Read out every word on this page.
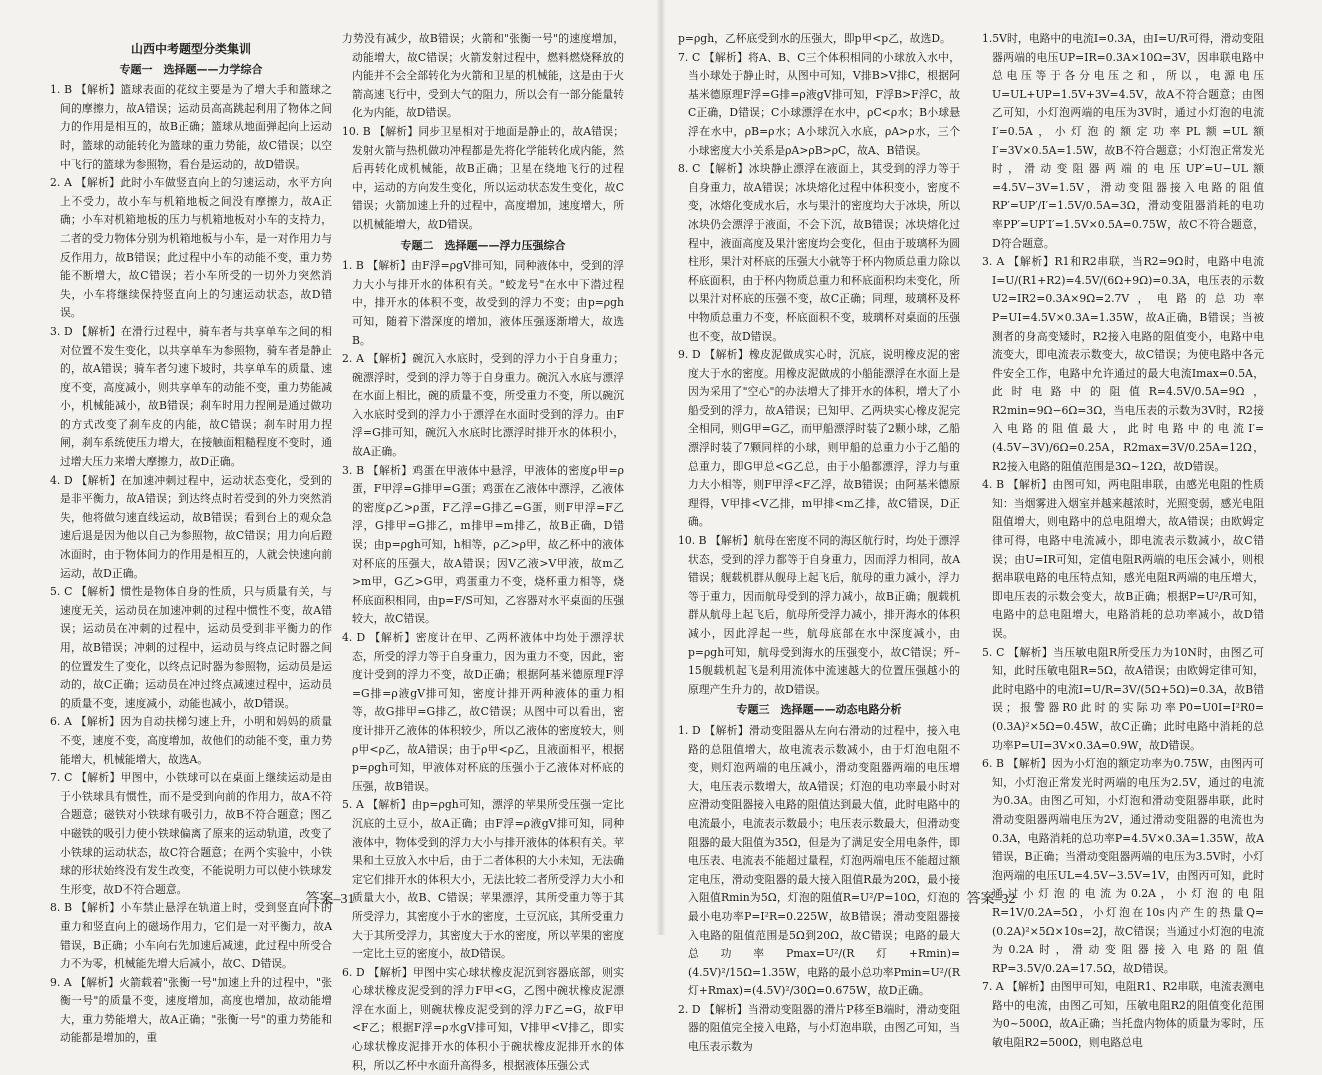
山西中考题型分类集训
专题一　选择题——力学综合

1. B 【解析】篮球表面的花纹主要是为了增大手和篮球之间的摩擦力，故A错误；运动员高高跳起利用了物体之间力的作用是相互的，故B正确；篮球从地面弹起向上运动时，篮球的动能转化为篮球的重力势能，故C错误；以空中飞行的篮球为参照物，看台是运动的，故D错误。

2. A 【解析】此时小车做竖直向上的匀速运动，水平方向上不受力，故小车与机箱地板之间没有摩擦力，故A正确；小车对机箱地板的压力与机箱地板对小车的支持力，二者的受力物体分别为机箱地板与小车，是一对作用力与反作用力，故B错误；此过程中小车的动能不变，重力势能不断增大，故C错误；若小车所受的一切外力突然消失，小车将继续保持竖直向上的匀速运动状态，故D错误。

3. D 【解析】在滑行过程中，骑车者与共享单车之间的相对位置不发生变化，以共享单车为参照物，骑车者是静止的，故A错误；骑车者匀速下坡时，共享单车的质量、速度不变，高度减小，则共享单车的动能不变，重力势能减小，机械能减小，故B错误；刹车时用力捏闸是通过做功的方式改变了刹车皮的内能，故C错误；刹车时用力捏闸，刹车系统使压力增大，在接触面粗糙程度不变时，通过增大压力来增大摩擦力，故D正确。

4. D 【解析】在加速冲刺过程中，运动状态变化，受到的是非平衡力，故A错误；到达终点时若受到的外力突然消失，他将做匀速直线运动，故B错误；看到台上的观众急速后退是因为他以自己为参照物，故C错误；用力向后蹬冰面时，由于物体间力的作用是相互的，人就会快速向前运动，故D正确。

5. C 【解析】惯性是物体自身的性质，只与质量有关，与速度无关，运动员在加速冲刺的过程中惯性不变，故A错误；运动员在冲刺的过程中，运动员受到非平衡力的作用，故B错误；冲刺的过程中，运动员与终点记时器之间的位置发生了变化，以终点记时器为参照物，运动员是运动的，故C正确；运动员在冲过终点减速过程中，运动员的质量不变，速度减小，动能也减小，故D错误。

6. A 【解析】因为自动扶梯匀速上升，小明和妈妈的质量不变，速度不变，高度增加，故他们的动能不变，重力势能增大，机械能增大，故选A。

7. C 【解析】甲图中，小铁球可以在桌面上继续运动是由于小铁球具有惯性，而不是受到向前的作用力，故A不符合题意；磁铁对小铁球有吸引力，故B不符合题意；图乙中磁铁的吸引力使小铁球偏离了原来的运动轨道，改变了小铁球的运动状态，故C符合题意；在两个实验中，小铁球的形状始终没有发生改变，不能说明力可以使小铁球发生形变，故D不符合题意。

8. B 【解析】小车禁止悬浮在轨道上时，受到竖直向下的重力和竖直向上的磁场作用力，它们是一对平衡力，故A错误，B正确；小车向右先加速后减速，此过程中所受合力不为零，机械能先增大后减小，故C、D错误。

9. A 【解析】火箭载着"张衡一号"加速上升的过程中，"张衡一号"的质量不变，速度增加，高度也增加，故动能增大，重力势能增大，故A正确；"张衡一号"的重力势能和动能都是增加的，重

力势没有减少，故B错误；火箭和"张衡一号"的速度增加，动能增大，故C错误；火箭发射过程中，燃料燃烧释放的内能并不会全部转化为火箭和卫星的机械能，这是由于火箭高速飞行中，受到大气的阻力，所以会有一部分能量转化为内能，故D错误。

10. B 【解析】同步卫星相对于地面是静止的，故A错误；发射火箭与热机做功冲程都是先将化学能转化成内能，然后再转化成机械能，故B正确；卫星在绕地飞行的过程中，运动的方向发生变化，所以运动状态发生变化，故C错误；火箭加速上升的过程中，高度增加，速度增大，所以机械能增大，故D错误。

专题二　选择题——浮力压强综合

1. B 【解析】由F浮=ρgV排可知，同种液体中，受到的浮力大小与排开水的体积有关。"蛟龙号"在水中下潜过程中，排开水的体积不变，故受到的浮力不变；由p=ρgh可知，随着下潜深度的增加，液体压强逐渐增大，故选B。

2. A 【解析】碗沉入水底时，受到的浮力小于自身重力；碗漂浮时，受到的浮力等于自身重力。碗沉入水底与漂浮在水面上相比，碗的质量不变，所受重力不变，所以碗沉入水底时受到的浮力小于漂浮在水面时受到的浮力。由F浮=G排可知，碗沉入水底时比漂浮时排开水的体积小，故A正确。

3. B 【解析】鸡蛋在甲液体中悬浮，甲液体的密度ρ甲=ρ蛋，F甲浮=G排甲=G蛋；鸡蛋在乙液体中漂浮，乙液体的密度ρ乙>ρ蛋，F乙浮=G排乙=G蛋，则F甲浮=F乙浮，G排甲=G排乙，m排甲=m排乙，故B正确，D错误；由p=ρgh可知，h相等，ρ乙>ρ甲，故乙杯中的液体对杯底的压强大，故A错误；因V乙液>V甲液，故m乙>m甲，G乙>G甲，鸡蛋重力不变，烧杯重力相等，烧杯底面积相同，由p=F/S可知，乙容器对水平桌面的压强较大，故C错误。

4. D 【解析】密度计在甲、乙两杯液体中均处于漂浮状态，所受的浮力等于自身重力，因为重力不变，因此，密度计受到的浮力不变，故D正确；根据阿基米德原理F浮=G排=ρ液gV排可知，密度计排开两种液体的重力相等，故G排甲=G排乙，故C错误；从图中可以看出，密度计排开乙液体的体积较少，所以乙液体的密度较大，则ρ甲<ρ乙，故A错误；由于ρ甲<ρ乙，且液面相平，根据p=ρgh可知，甲液体对杯底的压强小于乙液体对杯底的压强，故B错误。

5. A 【解析】由p=ρgh可知，漂浮的苹果所受压强一定比沉底的土豆小，故A正确；由F浮=ρ液gV排可知，同种液体中，物体受到的浮力大小与排开液体的体积有关。苹果和土豆放入水中后，由于二者体积的大小未知，无法确定它们排开水的体积大小，无法比较二者所受浮力大小和质量大小，故B、C错误；苹果漂浮，其所受重力等于其所受浮力，其密度小于水的密度，土豆沉底，其所受重力大于其所受浮力，其密度大于水的密度，所以苹果的密度一定比土豆的密度小，故D错误。

6. D 【解析】甲图中实心球状橡皮泥沉到容器底部，则实心球状橡皮泥受到的浮力F甲<G，乙图中碗状橡皮泥漂浮在水面上，则碗状橡皮泥受到的浮力F乙=G，故F甲<F乙；根据F浮=ρ水gV排可知，V排甲<V排乙，即实心球状橡皮泥排开水的体积小于碗状橡皮泥排开水的体积，所以乙杯中水面升高得多，根据液体压强公式

答案–31	答案–32

p=ρgh，乙杯底受到水的压强大，即p甲<p乙，故选D。

7. C 【解析】将A、B、C三个体积相同的小球放入水中，当小球处于静止时，从图中可知，V排B>V排C，根据阿基米德原理F浮=G排=ρ液gV排可知，F浮B>F浮C，故C正确，D错误；C小球漂浮在水中，ρC<ρ水；B小球悬浮在水中，ρB=ρ水；A小球沉入水底，ρA>ρ水，三个小球密度大小关系是ρA>ρB>ρC，故A、B错误。

8. C 【解析】冰块静止漂浮在液面上，其受到的浮力等于自身重力，故A错误；冰块熔化过程中体积变小，密度不变，冰熔化变成水后，水与果汁的密度均大于冰块，所以冰块仍会漂浮于液面，不会下沉，故B错误；冰块熔化过程中，液面高度及果汁密度均会变化，但由于玻璃杯为圆柱形，果汁对杯底的压强大小就等于杯内物质总重力除以杯底面积，由于杯内物质总重力和杯底面积均未变化，所以果汁对杯底的压强不变，故C正确；同理，玻璃杯及杯中物质总重力不变，杯底面积不变，玻璃杯对桌面的压强也不变，故D错误。

9. D 【解析】橡皮泥做成实心时，沉底，说明橡皮泥的密度大于水的密度。用橡皮泥做成的小船能漂浮在水面上是因为采用了"空心"的办法增大了排开水的体积，增大了小船受到的浮力，故A错误；已知甲、乙两块实心橡皮泥完全相同，则G甲=G乙，而甲船漂浮时装了2颗小球，乙船漂浮时装了7颗同样的小球，则甲船的总重力小于乙船的总重力，即G甲总<G乙总，由于小船都漂浮，浮力与重力大小相等，则F甲浮<F乙浮，故B错误；由阿基米德原理得，V甲排<V乙排，m甲排<m乙排，故C错误，D正确。

10. B 【解析】航母在密度不同的海区航行时，均处于漂浮状态，受到的浮力都等于自身重力，因而浮力相同，故A错误；舰载机群从舰母上起飞后，航母的重力减小，浮力等于重力，因而航母受到的浮力减小，故B正确；舰载机群从航母上起飞后，航母所受浮力减小，排开海水的体积减小，因此浮起一些，航母底部在水中深度减小，由p=ρgh可知，航母受到海水的压强变小，故C错误；歼–15舰载机起飞是利用流体中流速越大的位置压强越小的原理产生升力的，故D错误。

专题三　选择题——动态电路分析

1. D 【解析】滑动变阻器从左向右滑动的过程中，接入电路的总阻值增大，故电流表示数减小，由于灯泡电阻不变，则灯泡两端的电压减小，滑动变阻器两端的电压增大，电压表示数增大，故A错误；灯泡的电功率最小时对应滑动变阻器接入电路的阻值达到最大值，此时电路中的电流最小，电流表示数最小；电压表示数最大，但滑动变阻器的最大阻值为35Ω，但是为了满足安全用电条件，即电压表、电流表不能超过量程，灯泡两端电压不能超过额定电压，滑动变阻器的最大接入阻值R最为20Ω，最小接入阻值Rmin为5Ω，灯泡的阻值R=U²/P=10Ω，灯泡的最小电功率P=I²R=0.225W，故B错误；滑动变阻器接入电路的阻值范围是5Ω到20Ω，故C错误；电路的最大总功率Pmax=U²/(R灯+Rmin)=(4.5V)²/15Ω=1.35W，电路的最小总功率Pmin=U²/(R灯+Rmax)=(4.5V)²/30Ω=0.675W，故D正确。

2. D 【解析】当滑动变阻器的滑片P移至B端时，滑动变阻器的阻值完全接入电路，与小灯泡串联，由图乙可知，当电压表示数为

1.5V时，电路中的电流I=0.3A，由I=U/R可得，滑动变阻器两端的电压UP=IR=0.3A×10Ω=3V，因串联电路中总电压等于各分电压之和，所以，电源电压U=UL+UP=1.5V+3V=4.5V，故A不符合题意；由图乙可知，小灯泡两端的电压为3V时，通过小灯泡的电流I′=0.5A，小灯泡的额定功率PL额=UL额I′=3V×0.5A=1.5W，故B不符合题意；小灯泡正常发光时，滑动变阻器两端的电压UP′=U−UL额=4.5V−3V=1.5V，滑动变阻器接入电路的阻值RP′=UP′/I′=1.5V/0.5A=3Ω，滑动变阻器消耗的电功率PP′=UP′I′=1.5V×0.5A=0.75W，故C不符合题意，D符合题意。

3. A 【解析】R1和R2串联，当R2=9Ω时，电路中电流I=U/(R1+R2)=4.5V/(6Ω+9Ω)=0.3A，电压表的示数U2=IR2=0.3A×9Ω=2.7V，电路的总功率P=UI=4.5V×0.3A=1.35W，故A正确，B错误；当被测者的身高变矮时，R2接入电路的阻值变小，电路中电流变大，即电流表示数变大，故C错误；为使电路中各元件安全工作，电路中允许通过的最大电流Imax=0.5A，此时电路中的阻值R=4.5V/0.5A=9Ω，R2min=9Ω−6Ω=3Ω，当电压表的示数为3V时，R2接入电路的阻值最大，此时电路中的电流I′=(4.5V−3V)/6Ω=0.25A，R2max=3V/0.25A=12Ω，R2接入电路的阻值范围是3Ω~12Ω，故D错误。

4. B 【解析】由图可知，两电阻串联，由感光电阻的性质知：当烟雾进入烟室并越来越浓时，光照变弱，感光电阻阻值增大，则电路中的总电阻增大，故A错误；由欧姆定律可得，电路中电流减小，即电流表示数减小，故C错误；由U=IR可知，定值电阻R两端的电压会减小，则根据串联电路的电压特点知，感光电阻R两端的电压增大，即电压表的示数会变大，故B正确；根据P=U²/R可知，电路中的总电阻增大，电路消耗的总功率减小，故D错误。

5. C 【解析】当压敏电阻R所受压力为10N时，由图乙可知，此时压敏电阻R=5Ω，故A错误；由欧姆定律可知，此时电路中的电流I=U/R=3V/(5Ω+5Ω)=0.3A，故B错误；报警器R0此时的实际功率P0=U0I=I²R0=(0.3A)²×5Ω=0.45W，故C正确；此时电路中消耗的总功率P=UI=3V×0.3A=0.9W，故D错误。

6. B 【解析】因为小灯泡的额定功率为0.75W，由图丙可知，小灯泡正常发光时两端的电压为2.5V，通过的电流为0.3A。由图乙可知，小灯泡和滑动变阻器串联，此时滑动变阻器两端电压为2V，通过滑动变阻器的电流也为0.3A，电路消耗的总功率P=4.5V×0.3A=1.35W，故A错误，B正确；当滑动变阻器两端的电压为3.5V时，小灯泡两端的电压UL=4.5V−3.5V=1V，由图丙可知，此时通过小灯泡的电流为0.2A，小灯泡的电阻R=1V/0.2A=5Ω，小灯泡在10s内产生的热量Q=(0.2A)²×5Ω×10s=2J，故C错误；当通过小灯泡的电流为0.2A时，滑动变阻器接入电路的阻值RP=3.5V/0.2A=17.5Ω，故D错误。

7. A 【解析】由图甲可知，电阻R1、R2串联，电流表测电路中的电流，由图乙可知，压敏电阻R2的阻值变化范围为0~500Ω，故A正确；当托盘内物体的质量为零时，压敏电阻R2=500Ω，则电路总电
